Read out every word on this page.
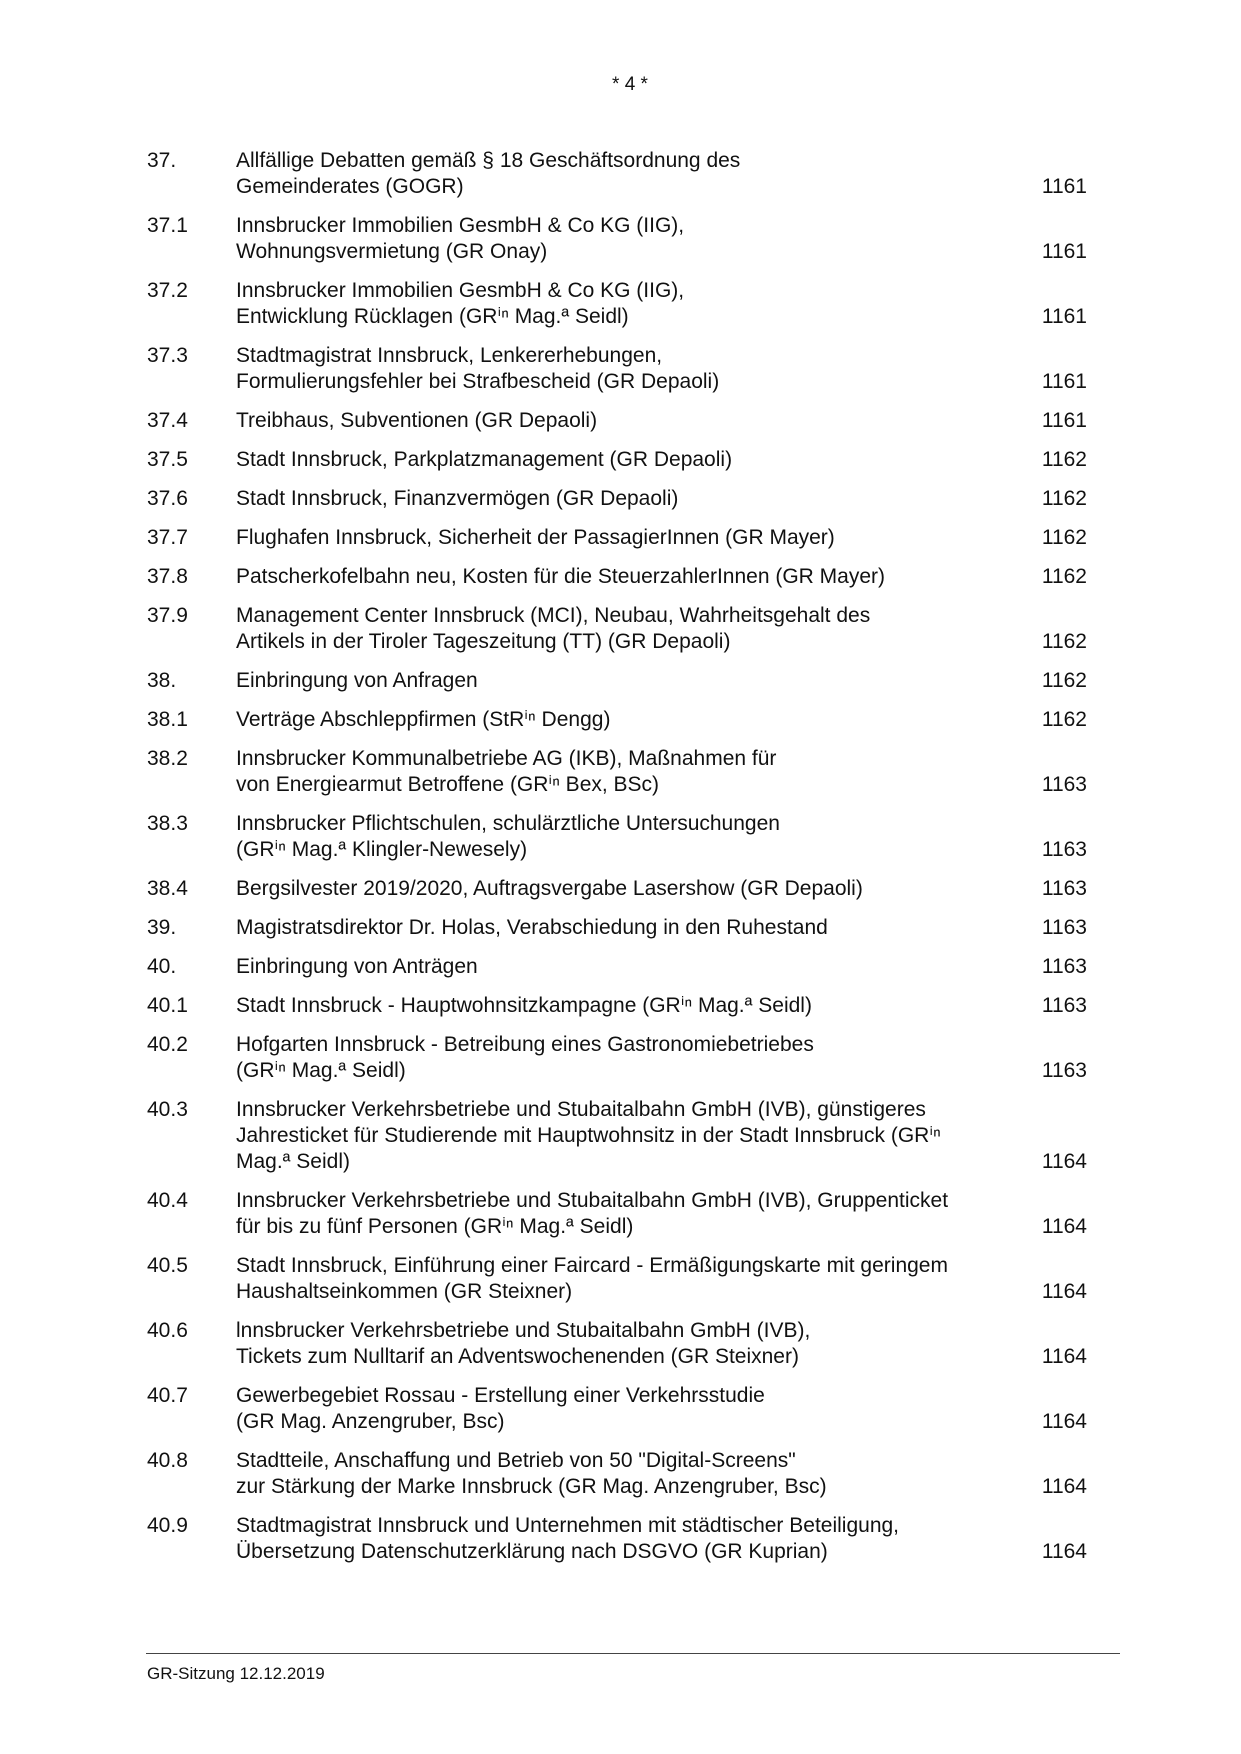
* 4 *
37.	Allfällige Debatten gemäß § 18 Geschäftsordnung des
Gemeinderates (GOGR)	1161
37.1	Innsbrucker Immobilien GesmbH & Co KG (IIG),
Wohnungsvermietung (GR Onay)	1161
37.2	Innsbrucker Immobilien GesmbH & Co KG (IIG),
Entwicklung Rücklagen (GRⁱⁿ Mag.ª Seidl)	1161
37.3	Stadtmagistrat Innsbruck, Lenkererhebungen,
Formulierungsfehler bei Strafbescheid (GR Depaoli)	1161
37.4	Treibhaus, Subventionen (GR Depaoli)	1161
37.5	Stadt Innsbruck, Parkplatzmanagement (GR Depaoli)	1162
37.6	Stadt Innsbruck, Finanzvermögen (GR Depaoli)	1162
37.7	Flughafen Innsbruck, Sicherheit der PassagierInnen (GR Mayer)	1162
37.8	Patscherkofelbahn neu, Kosten für die SteuerzahlerInnen (GR Mayer)	1162
37.9	Management Center Innsbruck (MCI), Neubau, Wahrheitsgehalt des
Artikels in der Tiroler Tageszeitung (TT) (GR Depaoli)	1162
38.	Einbringung von Anfragen	1162
38.1	Verträge Abschleppfirmen (StRⁱⁿ Dengg)	1162
38.2	Innsbrucker Kommunalbetriebe AG (IKB), Maßnahmen für
von Energiearmut Betroffene (GRⁱⁿ Bex, BSc)	1163
38.3	Innsbrucker Pflichtschulen, schulärztliche Untersuchungen
(GRⁱⁿ Mag.ª Klingler-Newesely)	1163
38.4	Bergsilvester 2019/2020, Auftragsvergabe Lasershow (GR Depaoli)	1163
39.	Magistratsdirektor Dr. Holas, Verabschiedung in den Ruhestand	1163
40.	Einbringung von Anträgen	1163
40.1	Stadt Innsbruck - Hauptwohnsitzkampagne (GRⁱⁿ Mag.ª Seidl)	1163
40.2	Hofgarten Innsbruck - Betreibung eines Gastronomiebetriebes
(GRⁱⁿ Mag.ª Seidl)	1163
40.3	Innsbrucker Verkehrsbetriebe und Stubaitalbahn GmbH (IVB), günstigeres
Jahresticket für Studierende mit Hauptwohnsitz in der Stadt Innsbruck (GRⁱⁿ
Mag.ª Seidl)	1164
40.4	Innsbrucker Verkehrsbetriebe und Stubaitalbahn GmbH (IVB), Gruppenticket
für bis zu fünf Personen (GRⁱⁿ Mag.ª Seidl)	1164
40.5	Stadt Innsbruck, Einführung einer Faircard - Ermäßigungskarte mit geringem
Haushaltseinkommen (GR Steixner)	1164
40.6	lnnsbrucker Verkehrsbetriebe und Stubaitalbahn GmbH (IVB),
Tickets zum Nulltarif an Adventswochenenden (GR Steixner)	1164
40.7	Gewerbegebiet Rossau - Erstellung einer Verkehrsstudie
(GR Mag. Anzengruber, Bsc)	1164
40.8	Stadtteile, Anschaffung und Betrieb von 50 "Digital-Screens"
zur Stärkung der Marke Innsbruck (GR Mag. Anzengruber, Bsc)	1164
40.9	Stadtmagistrat Innsbruck und Unternehmen mit städtischer Beteiligung,
Übersetzung Datenschutzerklärung nach DSGVO (GR Kuprian)	1164
GR-Sitzung 12.12.2019
